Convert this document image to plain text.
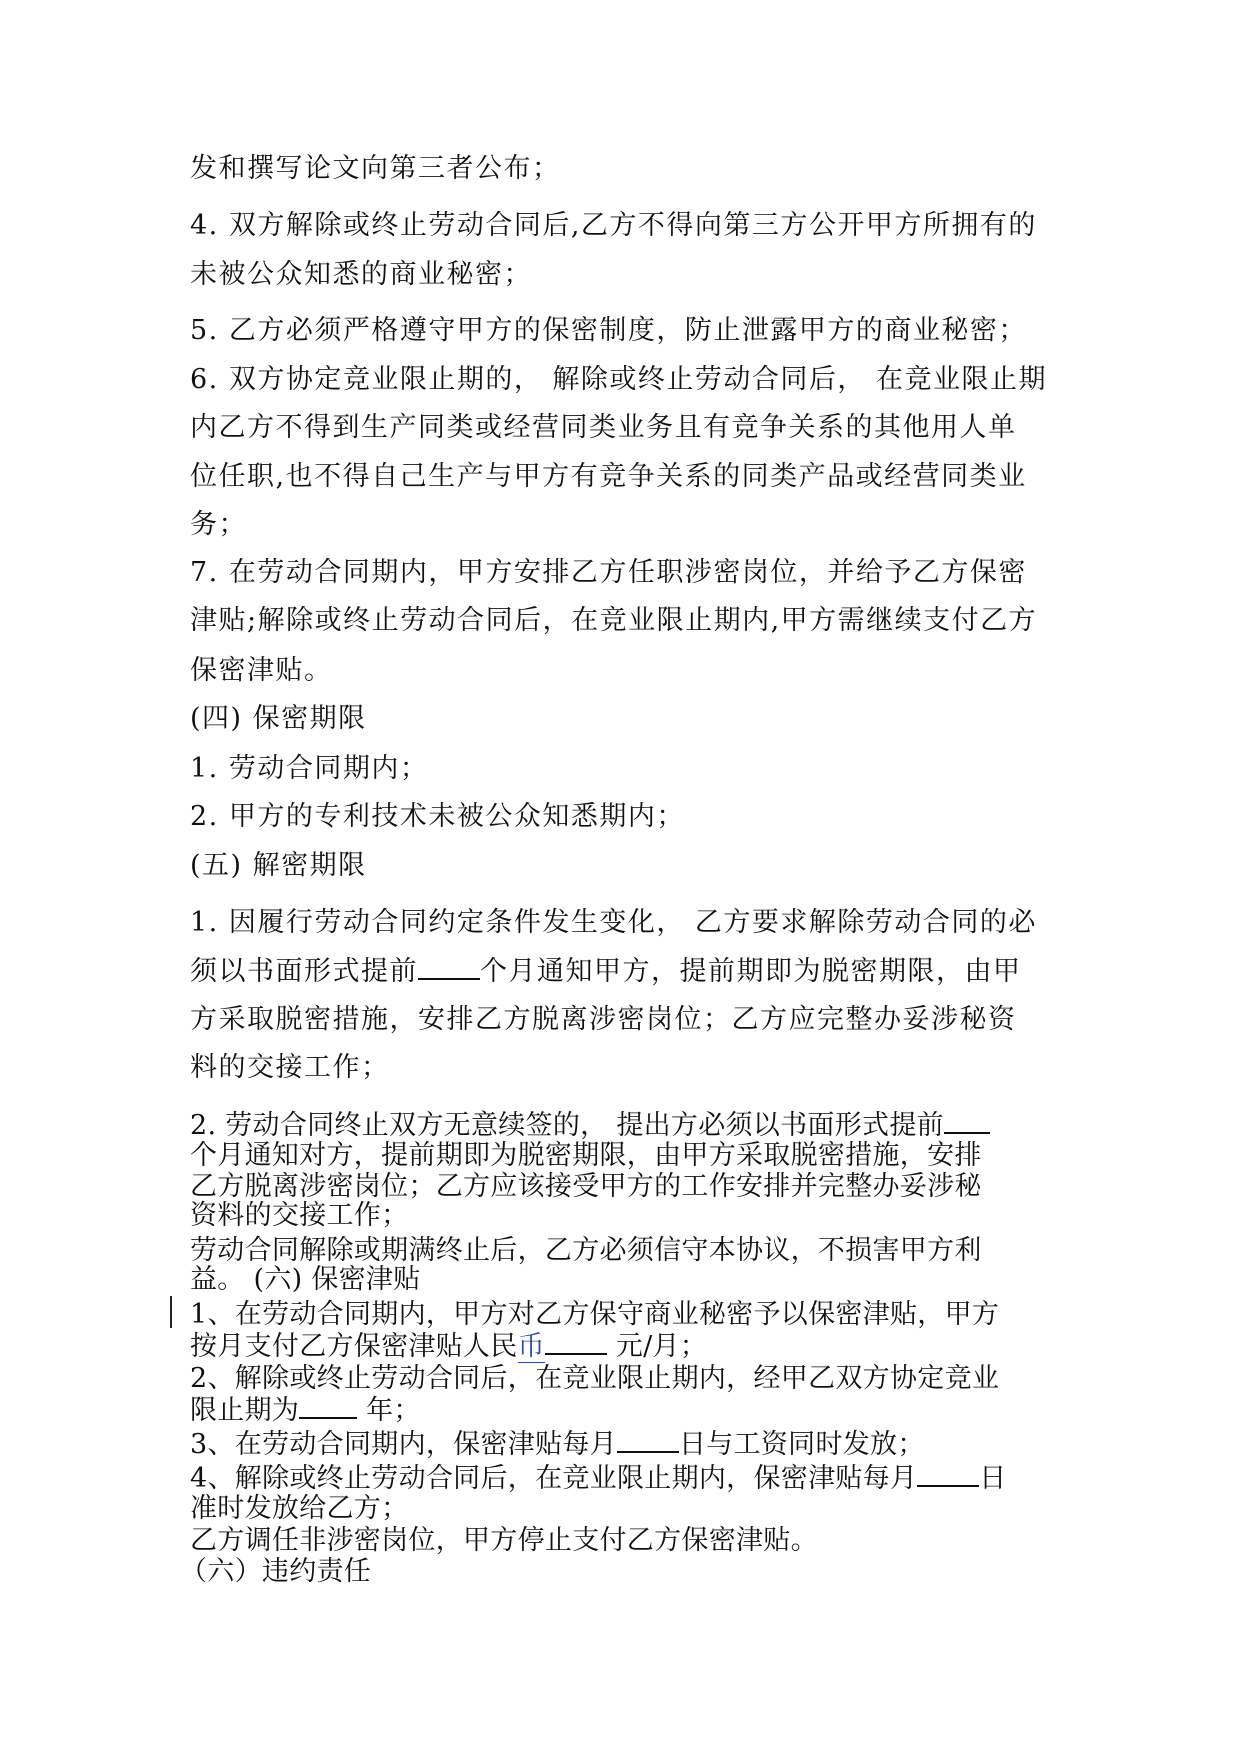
发和撰写论文向第三者公布；
4. 双方解除或终止劳动合同后,乙方不得向第三方公开甲方所拥有的
未被公众知悉的商业秘密；
5. 乙方必须严格遵守甲方的保密制度，防止泄露甲方的商业秘密；
6. 双方协定竞业限止期的， 解除或终止劳动合同后， 在竞业限止期
内乙方不得到生产同类或经营同类业务且有竞争关系的其他用人单
位任职,也不得自己生产与甲方有竞争关系的同类产品或经营同类业
务；
7. 在劳动合同期内，甲方安排乙方任职涉密岗位，并给予乙方保密
津贴;解除或终止劳动合同后，在竞业限止期内,甲方需继续支付乙方
保密津贴。
(四) 保密期限
1. 劳动合同期内；
2. 甲方的专利技术未被公众知悉期内；
(五) 解密期限
1. 因履行劳动合同约定条件发生变化， 乙方要求解除劳动合同的必
须以书面形式提前 个月通知甲方，提前期即为脱密期限，由甲
方采取脱密措施，安排乙方脱离涉密岗位；乙方应完整办妥涉秘资
料的交接工作；
2. 劳动合同终止双方无意续签的， 提出方必须以书面形式提前
个月通知对方，提前期即为脱密期限，由甲方采取脱密措施，安排
乙方脱离涉密岗位；乙方应该接受甲方的工作安排并完整办妥涉秘
资料的交接工作；
劳动合同解除或期满终止后，乙方必须信守本协议，不损害甲方利
益。 (六) 保密津贴
1、在劳动合同期内，甲方对乙方保守商业秘密予以保密津贴，甲方
按月支付乙方保密津贴人民币 元/月；
2、解除或终止劳动合同后，在竞业限止期内，经甲乙双方协定竞业
限止期为 年；
3、在劳动合同期内，保密津贴每月 日与工资同时发放；
4、解除或终止劳动合同后，在竞业限止期内，保密津贴每月 日
准时发放给乙方；
乙方调任非涉密岗位，甲方停止支付乙方保密津贴。
（六）违约责任
